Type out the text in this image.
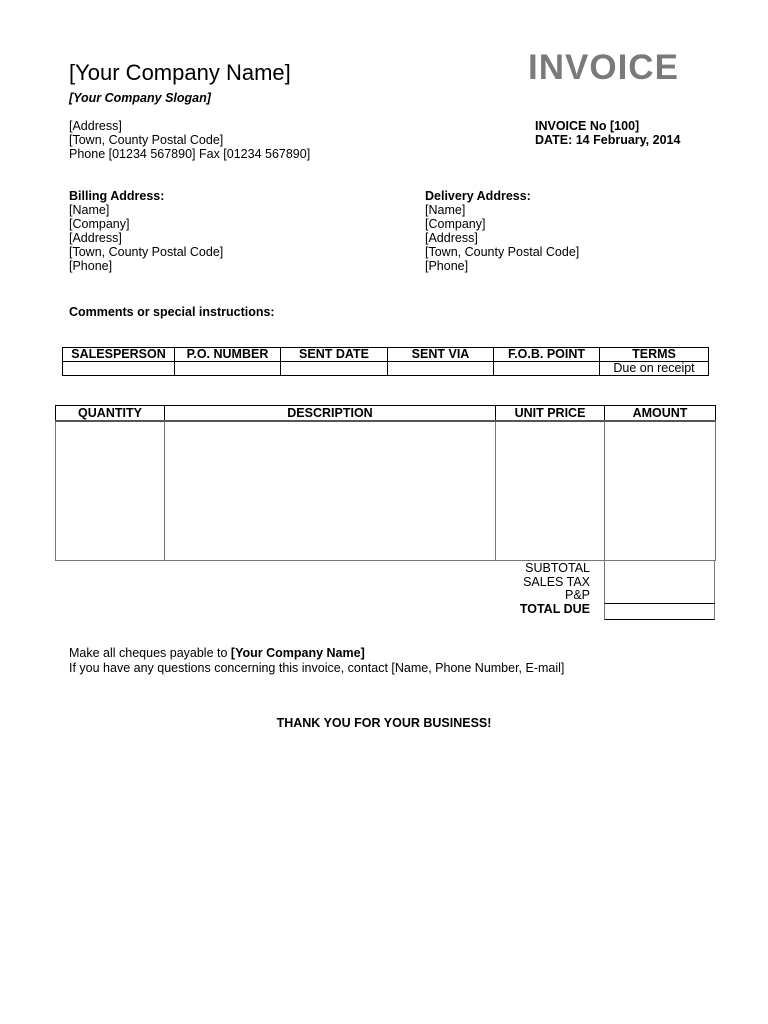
[Your Company Name]	INVOICE
[Your Company Slogan]
[Address]
[Town, County Postal Code]
Phone [01234 567890] Fax [01234 567890]
INVOICE No [100]
DATE: 14 February, 2014
Billing Address:
[Name]
[Company]
[Address]
[Town, County Postal Code]
[Phone]
Delivery Address:
[Name]
[Company]
[Address]
[Town, County Postal Code]
[Phone]
Comments or special instructions:
SALESPERSON	P.O. NUMBER	SENT DATE	SENT VIA	F.O.B. POINT	TERMS
					Due on receipt
QUANTITY	DESCRIPTION	UNIT PRICE	AMOUNT

SUBTOTAL
SALES TAX
P&P
TOTAL DUE
Make all cheques payable to [Your Company Name]
If you have any questions concerning this invoice, contact [Name, Phone Number, E-mail]
THANK YOU FOR YOUR BUSINESS!
